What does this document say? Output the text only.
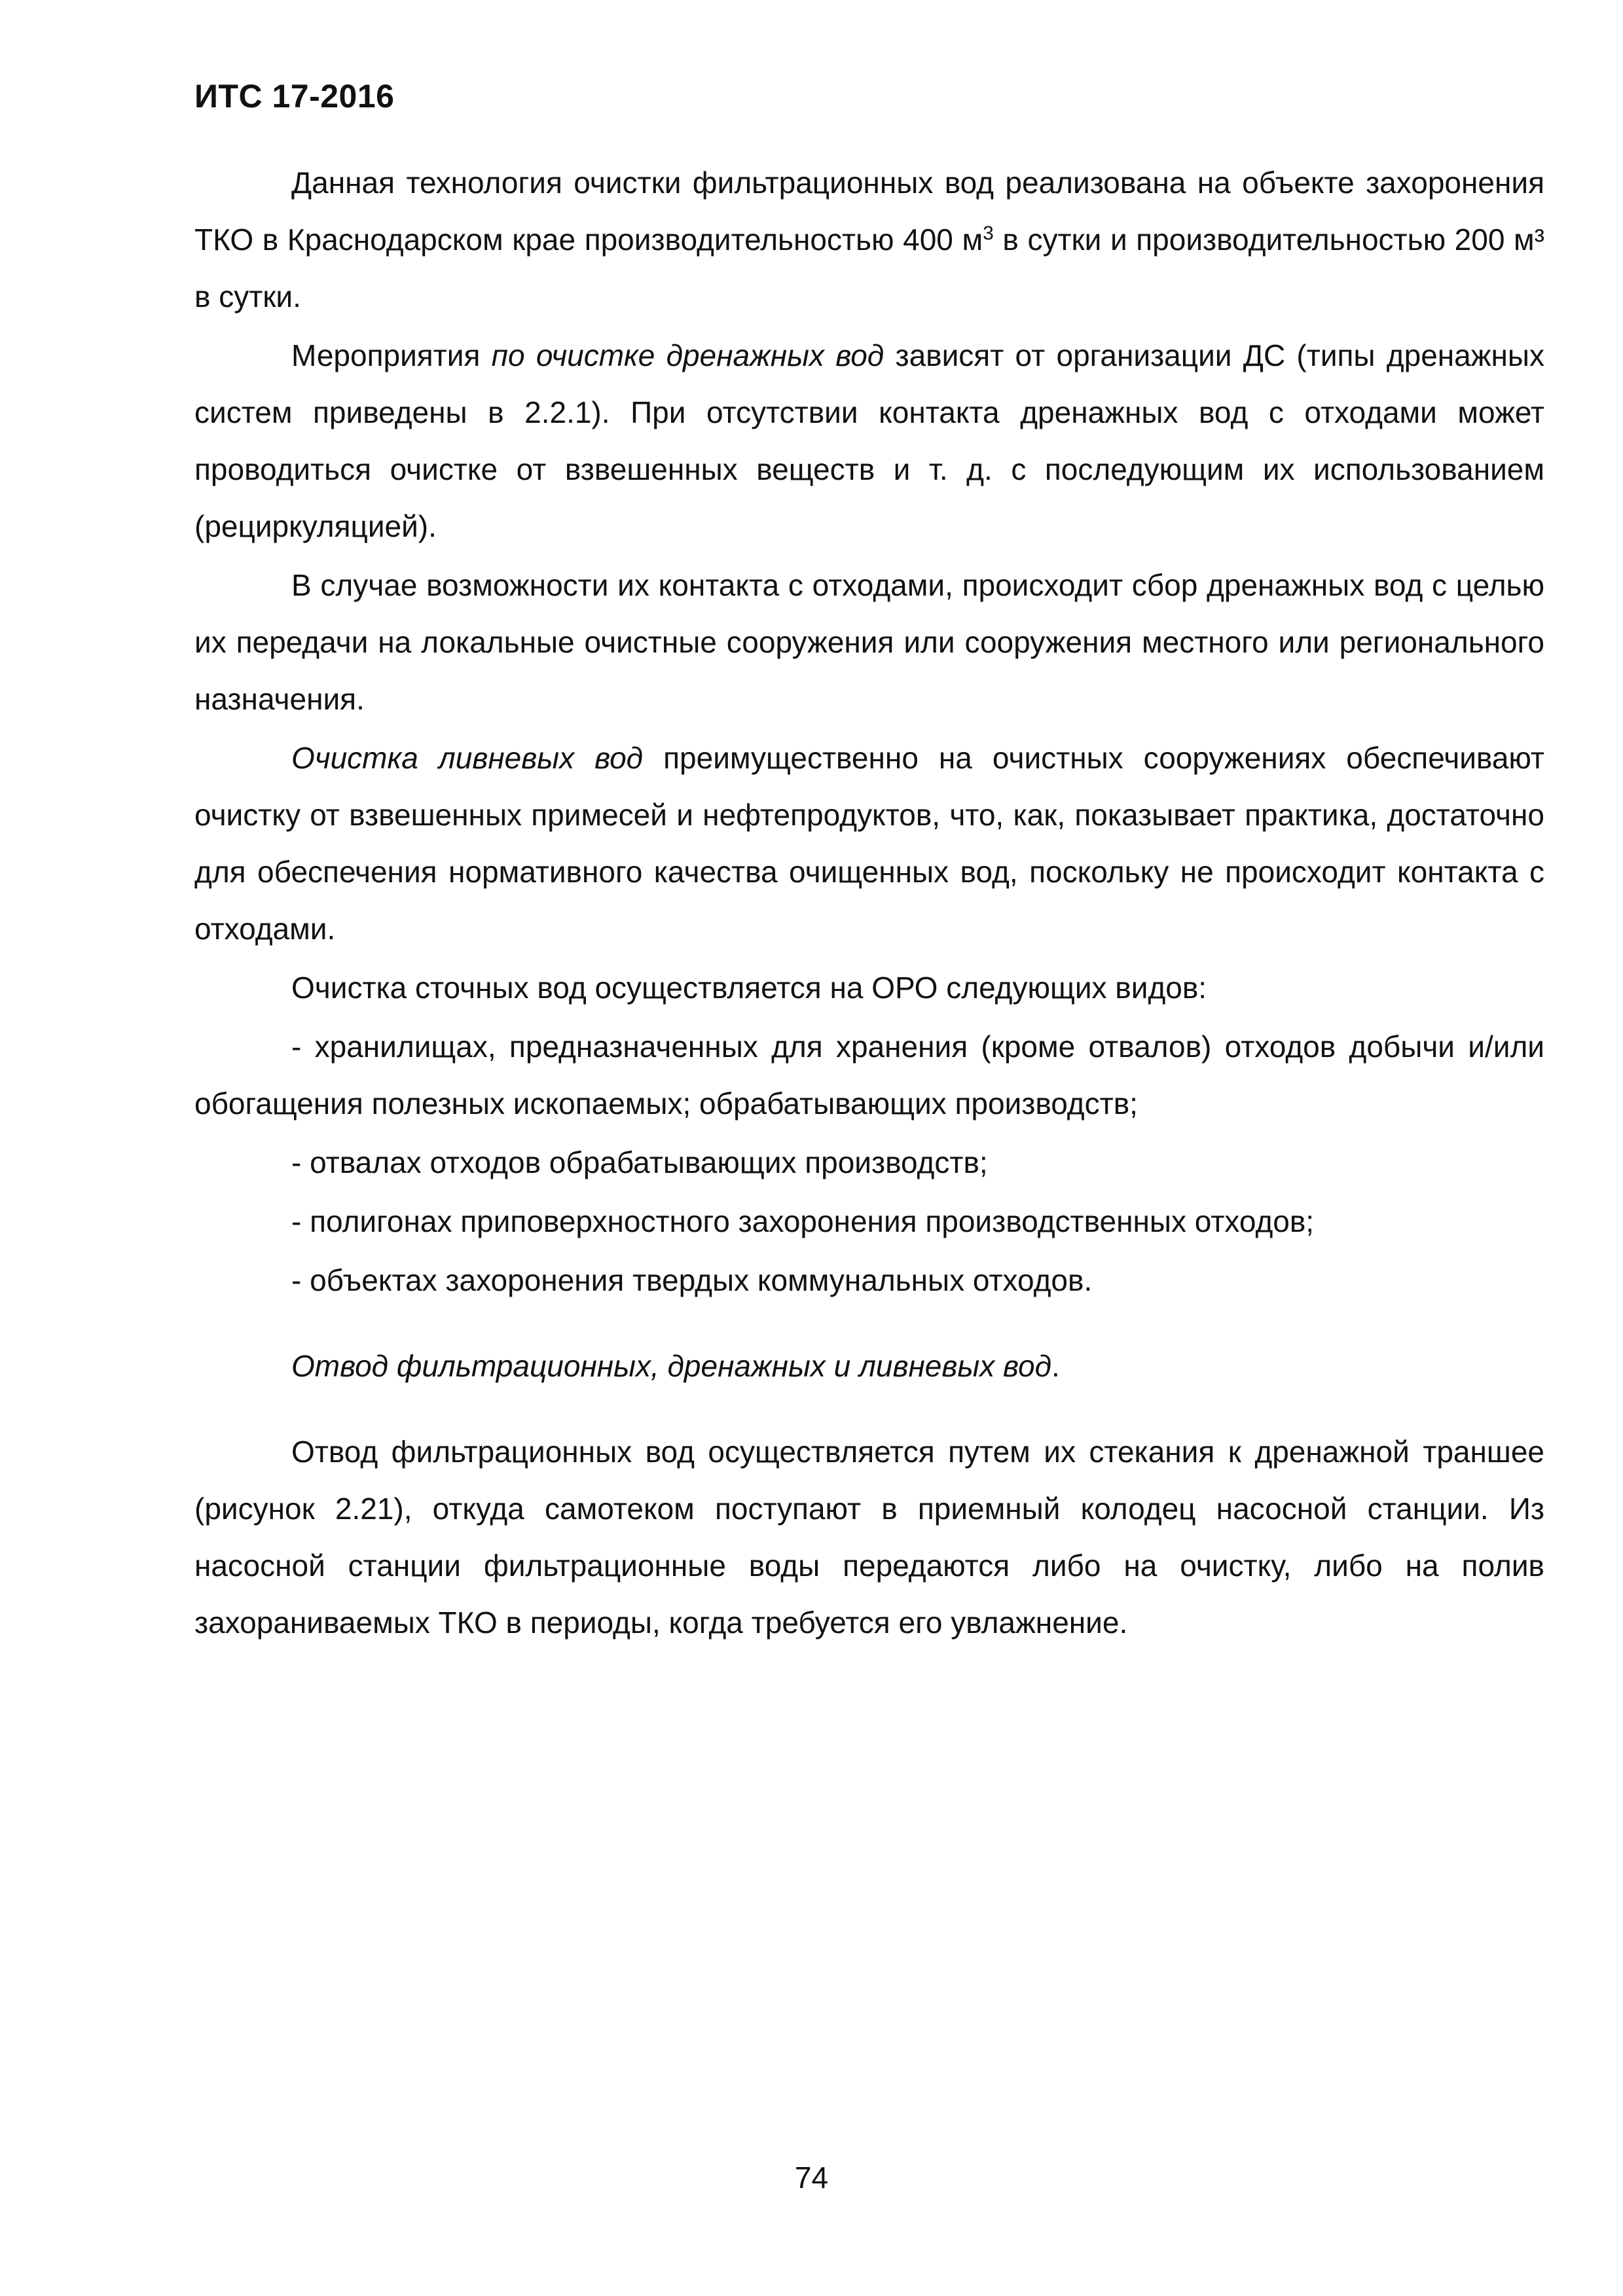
ИТС 17-2016

Данная технология очистки фильтрационных вод реализована на объекте захоронения ТКО в Краснодарском крае производительностью 400 $м^3$ в сутки и производительностью 200 м³ в сутки.

Мероприятия по очистке дренажных вод зависят от организации ДС (типы дренажных систем приведены в 2.2.1). При отсутствии контакта дренажных вод с отходами может проводиться очистке от взвешенных веществ и т. д. с последующим их использованием (рециркуляцией).

В случае возможности их контакта с отходами, происходит сбор дренажных вод с целью их передачи на локальные очистные сооружения или сооружения местного или регионального назначения.

Очистка ливневых вод преимущественно на очистных сооружениях обеспечивают очистку от взвешенных примесей и нефтепродуктов, что, как, показывает практика, достаточно для обеспечения нормативного качества очищенных вод, поскольку не происходит контакта с отходами.

Очистка сточных вод осуществляется на ОРО следующих видов:

- хранилищах, предназначенных для хранения (кроме отвалов) отходов добычи и/или обогащения полезных ископаемых; обрабатывающих производств;

- отвалах отходов обрабатывающих производств;

- полигонах приповерхностного захоронения производственных отходов;

- объектах захоронения твердых коммунальных отходов.

Отвод фильтрационных, дренажных и ливневых вод.

Отвод фильтрационных вод осуществляется путем их стекания к дренажной траншее (рисунок 2.21), откуда самотеком поступают в приемный колодец насосной станции. Из насосной станции фильтрационные воды передаются либо на очистку, либо на полив захораниваемых ТКО в периоды, когда требуется его увлажнение.

74
